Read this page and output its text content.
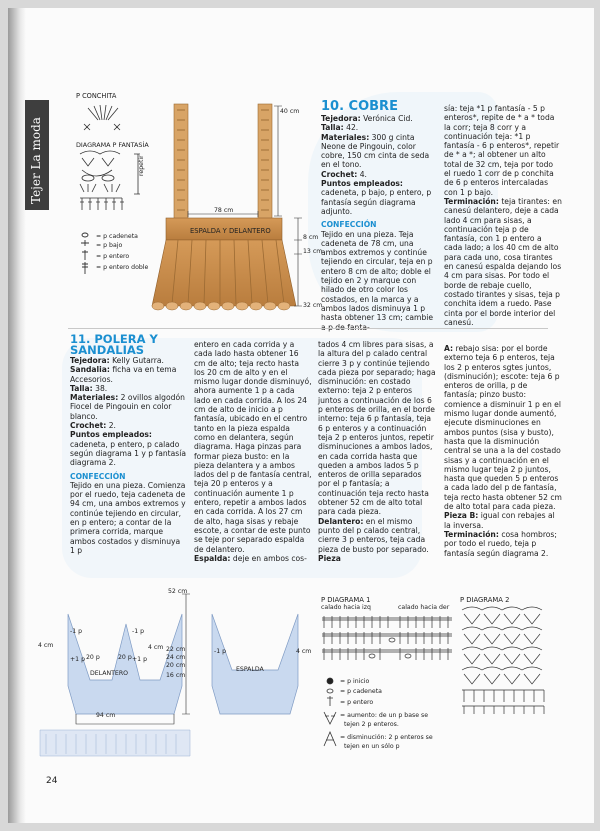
Tejer La moda
P CONCHITA
DIAGRAMA P FANTASÍA
repetir
= p cadeneta
= p bajo
= p entero
= p entero doble
40 cm
78 cm
ESPALDA Y DELANTERO
8 cm
13 cm
32 cm

10. COBRE

Tejedora: Verónica Cid.

Talla: 42.

Materiales: 300 g cinta Neone de Pingouin, color cobre, 150 cm cinta de seda en el tono.

Crochet: 4.

Puntos empleados: cadeneta, p bajo, p entero, p fantasía según diagrama adjunto.

CONFECCIÓN

Tejido en una pieza. Teja cadeneta de 78 cm, una ambos extremos y continúe tejiendo en circular, teja en p entero 8 cm de alto; doble el tejido en 2 y marque con hilado de otro color los costados, en la marca y a ambos lados disminuya 1 p hasta obtener 13 cm; cambie

sía: teja *1 p fantasía - 5 p enteros*, repite de * a * toda la corr; teja 8 corr y a continuación teja: *1 p fantasía - 6 p enteros*, repetir de * a *; al obtener un alto total de 32 cm, teja por todo el ruedo 1 corr de p conchita de 6 p enteros intercaladas con 1 p bajo.

Terminación: teja tirantes: en canesú delantero, deje a cada lado 4 cm para sisas, a continuación teja p de fantasía, con 1 p entero a cada lado; a los 40 cm de alto para cada uno, cosa tirantes en canesú espalda dejando los 4 cm para sisas. Por todo el borde de rebaje cuello, costado tirantes y sisas, teja p conchita idem a ruedo. Pase cinta por el borde interior del canesú.

11. POLERA Y SANDALIAS

Tejedora: Kelly Gutarra.

Sandalia: ficha va en tema Accesorios.

Talla: 38.

Materiales: 2 ovillos algodón Fiocel de Pingouin en color blanco.

Crochet: 2.

Puntos empleados: cadeneta, p entero, p calado según diagrama 1 y p fantasía diagrama 2.

CONFECCIÓN

Tejido en una pieza. Comienza por el ruedo, teja cadeneta de 94 cm, una ambos extremos y continúe tejiendo en circular, en p entero; a contar de la primera corrida, marque ambos costados y disminuya 1 p

entero en cada corrida y a cada lado hasta obtener 16 cm de alto; teja recto hasta los 20 cm de alto y en el mismo lugar donde disminuyó, ahora aumente 1 p a cada lado en cada corrida. A los 24 cm de alto de inicio a p fantasía, ubicado en el centro tanto en la pieza espalda como en delantera, según diagrama. Haga pinzas para formar pieza busto: en la pieza delantera y a ambos lados del p de fantasía central, teja 20 p enteros y a continuación aumente 1 p entero, repetir a ambos lados en cada corrida. A los 27 cm de alto, haga sisas y rebaje escote, a contar de este punto se teje por separado espalda de delantero.

Espalda: deje en ambos cos-

tados 4 cm libres para sisas, a la altura del p calado central cierre 3 p y continúe tejiendo cada pieza por separado; haga disminución: en costado externo: teja 2 p enteros juntos a continuación de los 6 p enteros de orilla, en el borde interno: teja 6 p fantasía, teja 6 p enteros y a continuación teja 2 p enteros juntos, repetir disminuciones a ambos lados, en cada corrida hasta que queden a ambos lados 5 p enteros de orilla separados por el p fantasía; a continuación teja recto hasta obtener 52 cm de alto total para cada pieza.

Delantero: en el mismo punto del p calado central, cierre 3 p enteros, teja cada pieza de busto por separado. Pieza

A: rebajo sisa: por el borde externo teja 6 p enteros, teja los 2 p enteros sgtes juntos, (disminución); escote: teja 6 p enteros de orilla, p de fantasía; pinzo busto: comience a disminuir 1 p en el mismo lugar donde aumentó, ejecute disminuciones en ambos puntos (sisa y busto), hasta que la disminución central se una a la del costado sisas y a continuación en el mismo lugar teja 2 p juntos, hasta que queden 5 p enteros a cada lado del p de fantasía, teja recto hasta obtener 52 cm de alto total para cada pieza.

Pieza B: igual con rebajes al la inversa.

Terminación: cosa hombros; por todo el ruedo, teja p fantasía según diagrama 2.

52 cm
4 cm	4 cm
4 cm
22 cm
24 cm
20 cm
16 cm
-1 p	-1 p
-1 p
+1 p	+1 p
20 p	20 p
DELANTERO
ESPALDA
94 cm
P DIAGRAMA 1
calado hacia izq	calado hacia der
= p inicio
= p cadeneta
= p entero
= aumento: de un p base se
tejen 2 p enteros.
= disminución: 2 p enteros se
tejen en un sólo p
P DIAGRAMA 2
24
